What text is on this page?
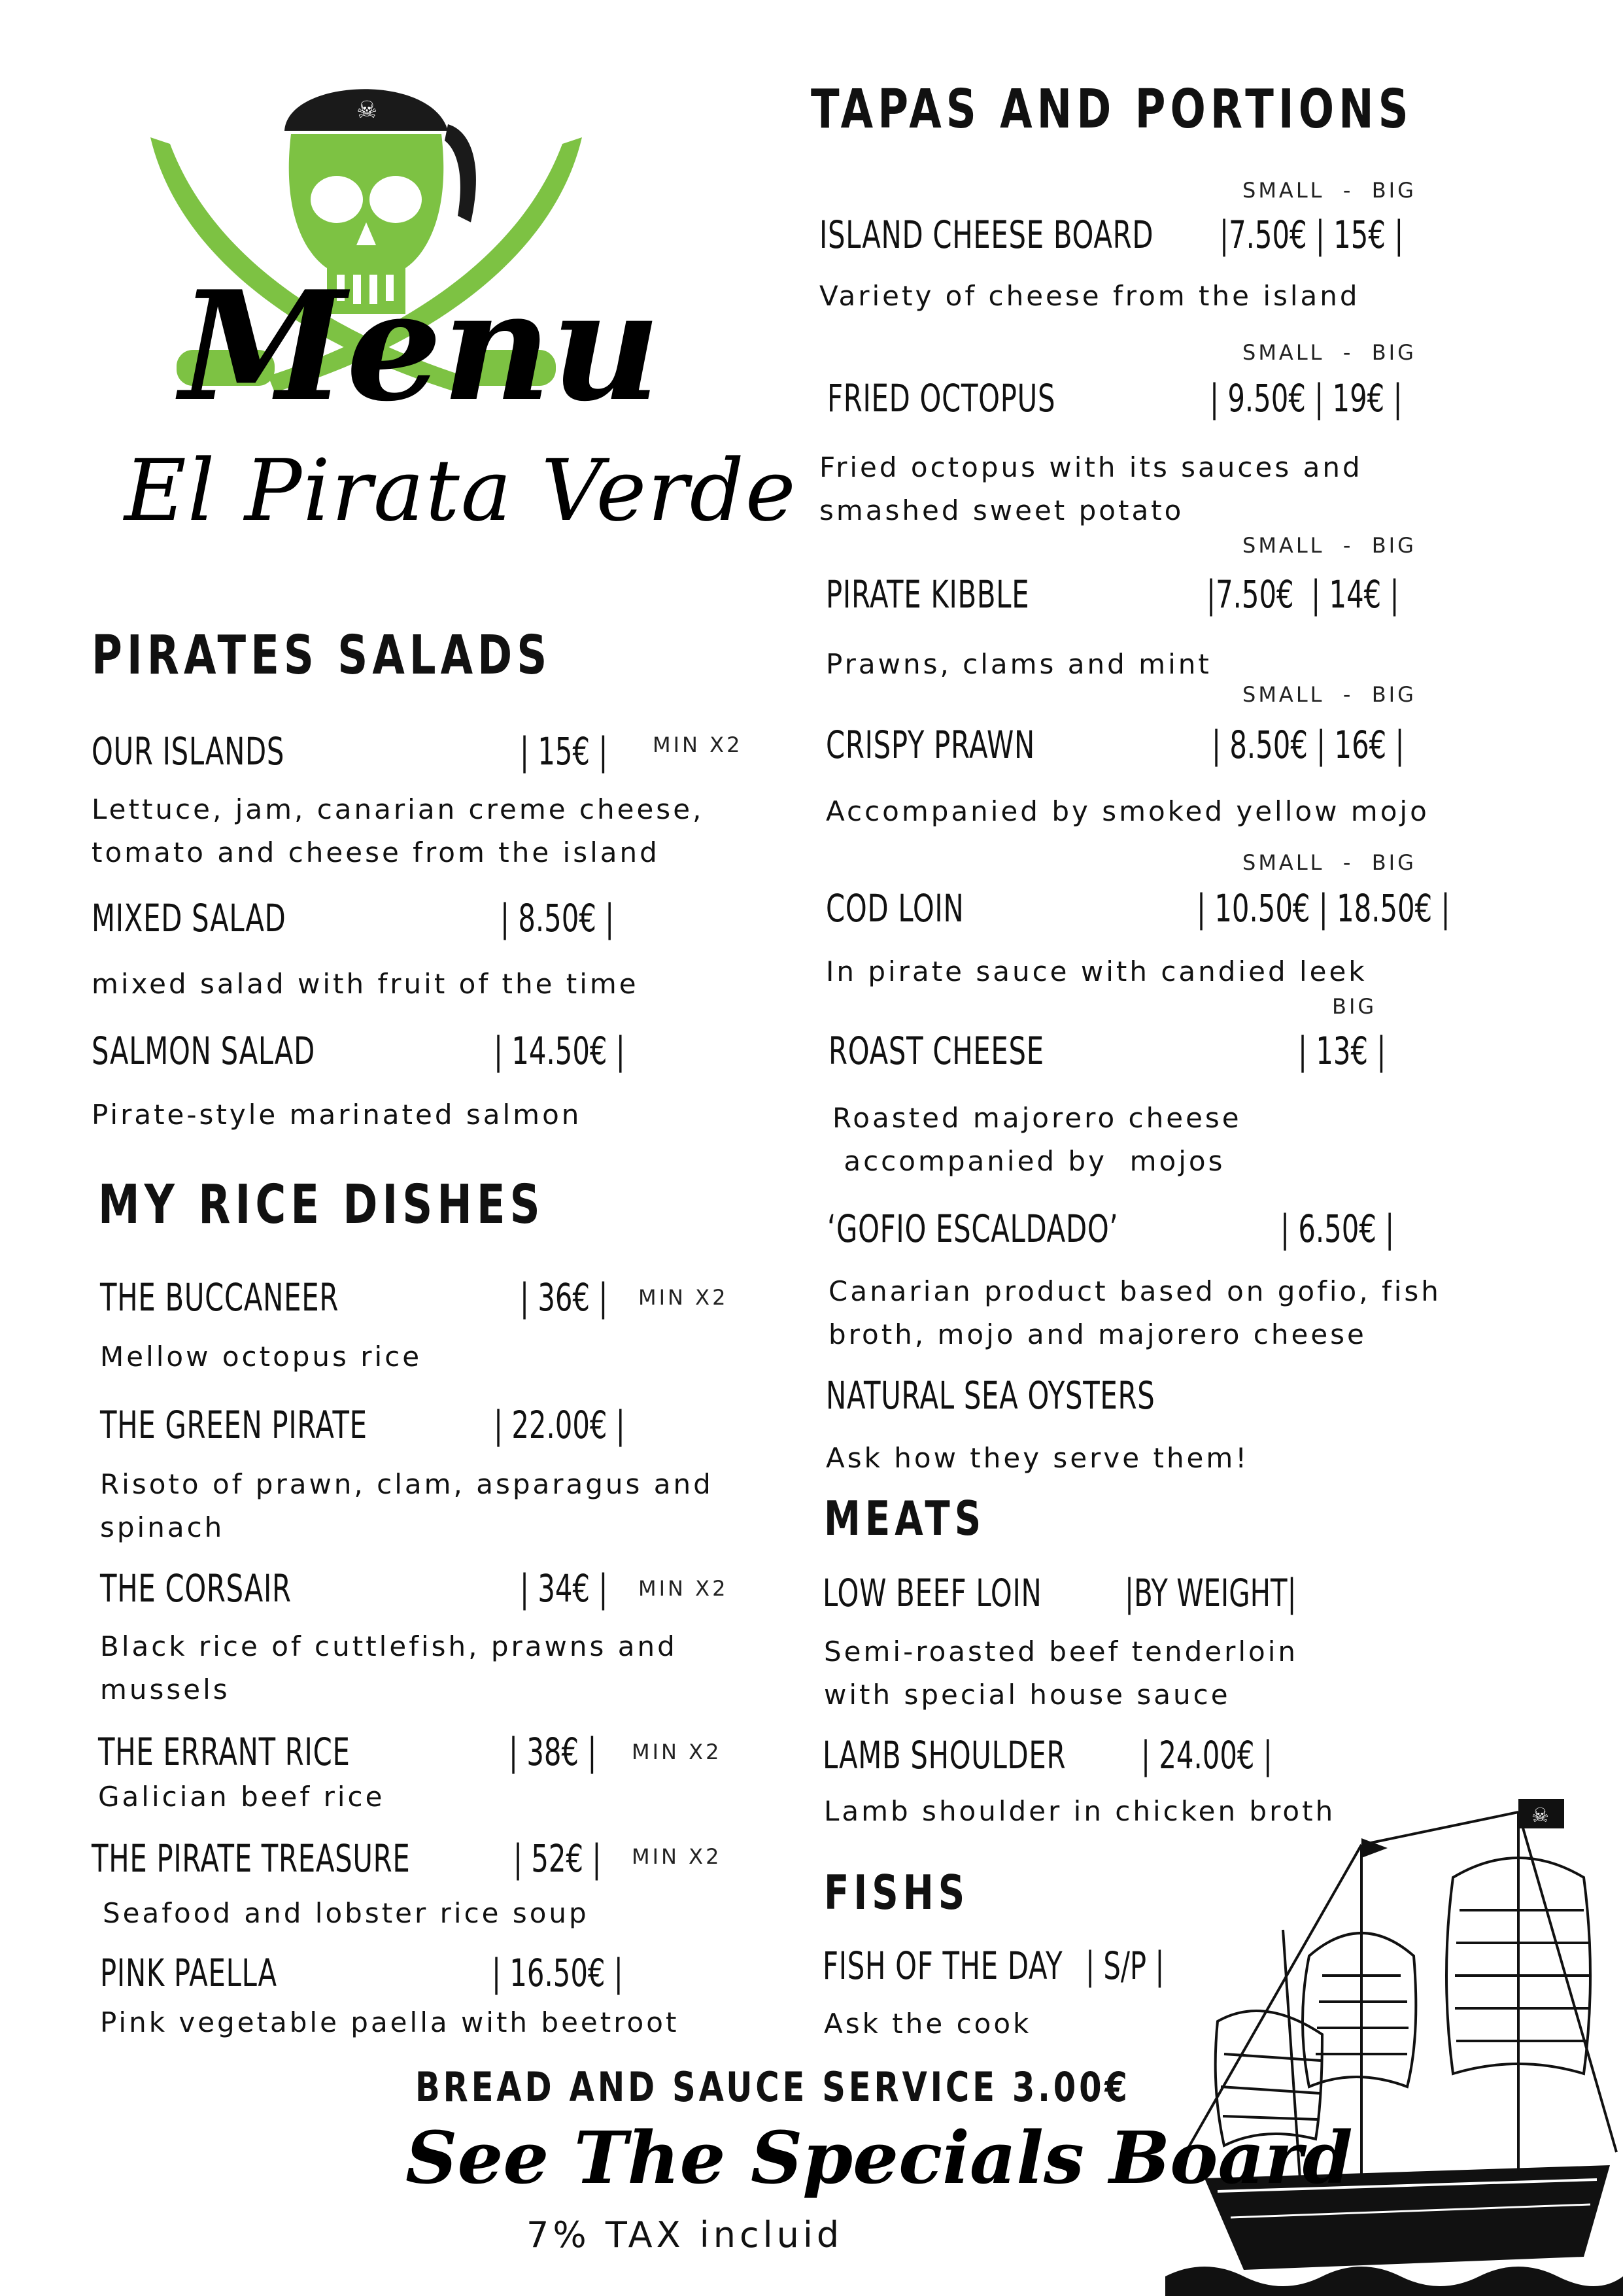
☠
Menu
El Pirata Verde
PIRATES SALADS
OUR ISLANDS	| 15€ | MIN X2
Lettuce, jam, canarian creme cheese,
tomato and cheese from the island
MIXED SALAD	| 8.50€ |
mixed salad with fruit of the time
SALMON SALAD	| 14.50€ |
Pirate-style marinated salmon
MY RICE DISHES
THE BUCCANEER	| 36€ | MIN X2
Mellow octopus rice
THE GREEN PIRATE	| 22.00€ |
Risoto of prawn, clam, asparagus and
spinach
THE CORSAIR	| 34€ | MIN X2
Black rice of cuttlefish, prawns and
mussels
THE ERRANT RICE	| 38€ | MIN X2
Galician beef rice
THE PIRATE TREASURE	| 52€ | MIN X2
Seafood and lobster rice soup
PINK PAELLA	| 16.50€ |
Pink vegetable paella with beetroot
TAPAS AND PORTIONS
SMALL  -  BIG
ISLAND CHEESE BOARD |7.50€ | 15€ |
Variety of cheese from the island
SMALL  -  BIG
FRIED OCTOPUS	| 9.50€ | 19€ |
Fried octopus with its sauces and
smashed sweet potato
SMALL  -  BIG
PIRATE KIBBLE	|7.50€  | 14€ |
Prawns, clams and mint
SMALL  -  BIG
CRISPY PRAWN	| 8.50€ | 16€ |
Accompanied by smoked yellow mojo
SMALL  -  BIG
COD LOIN	| 10.50€ | 18.50€ |
In pirate sauce with candied leek
BIG
ROAST CHEESE	| 13€ |
Roasted majorero cheese
accompanied by  mojos
‘GOFIO ESCALDADO’	| 6.50€ |
Canarian product based on gofio, fish
broth, mojo and majorero cheese
NATURAL SEA OYSTERS
Ask how they serve them!
MEATS
LOW BEEF LOIN |BY WEIGHT|
Semi-roasted beef tenderloin
with special house sauce
LAMB SHOULDER | 24.00€ |
Lamb shoulder in chicken broth
FISHS
FISH OF THE DAY | S/P |
Ask the cook
☠
BREAD AND SAUCE SERVICE 3.00€
See The Specials Board
7% TAX incluid
